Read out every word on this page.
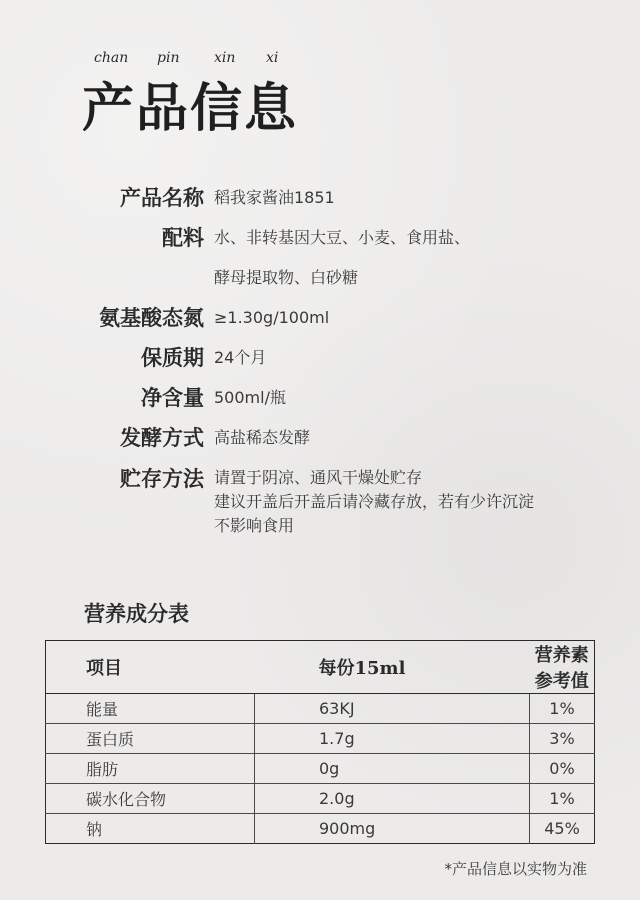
chan pin xin xi
产品信息
产品名称 稻我家酱油1851
配料 水、非转基因大豆、小麦、食用盐、
酵母提取物、白砂糖
氨基酸态氮 ≥1.30g/100ml
保质期 24个月
净含量 500ml/瓶
发酵方式 高盐稀态发酵
贮存方法 请置于阴凉、通风干燥处贮存
建议开盖后开盖后请冷藏存放，若有少许沉淀
不影响食用
营养成分表
项目	每份15ml	营养素参考值
能量	63KJ	1%
蛋白质	1.7g	3%
脂肪	0g	0%
碳水化合物	2.0g	1%
钠	900mg	45%
*产品信息以实物为准
